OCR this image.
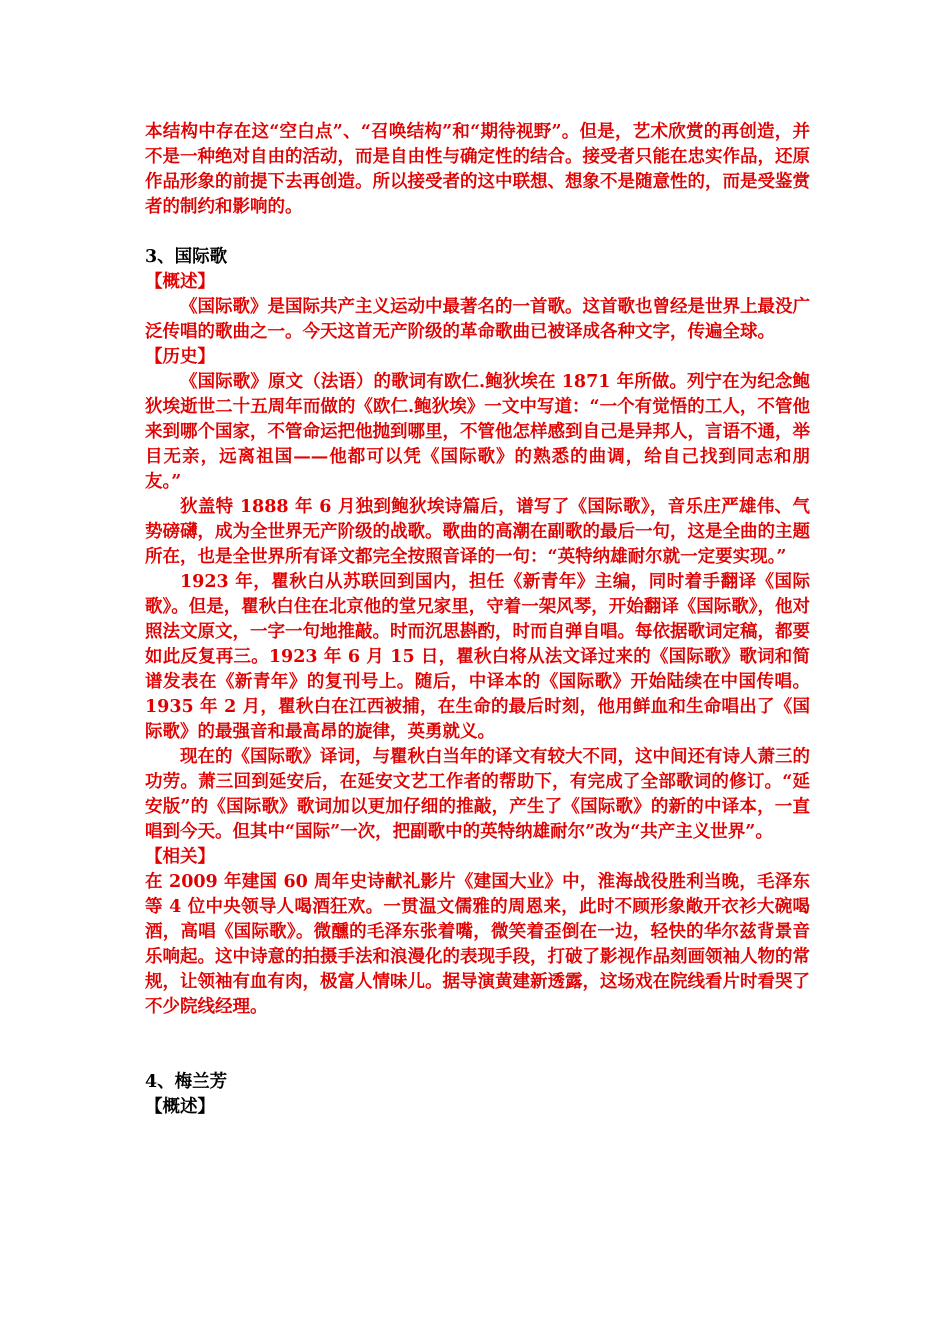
本结构中存在这“空白点”、“召唤结构”和“期待视野”。但是，艺术欣赏的再创造，并不是一种绝对自由的活动，而是自由性与确定性的结合。接受者只能在忠实作品，还原作品形象的前提下去再创造。所以接受者的这中联想、想象不是随意性的，而是受鉴赏者的制约和影响的。

3、国际歌
【概述】

《国际歌》是国际共产主义运动中最著名的一首歌。这首歌也曾经是世界上最没广泛传唱的歌曲之一。今天这首无产阶级的革命歌曲已被译成各种文字，传遍全球。

【历史】

《国际歌》原文（法语）的歌词有欧仁.鲍狄埃在 1871 年所做。列宁在为纪念鲍狄埃逝世二十五周年而做的《欧仁.鲍狄埃》一文中写道：“一个有觉悟的工人，不管他来到哪个国家，不管命运把他抛到哪里，不管他怎样感到自己是异邦人，言语不通，举目无亲，远离祖国——他都可以凭《国际歌》的熟悉的曲调，给自己找到同志和朋友。”

狄盖特 1888 年 6 月独到鲍狄埃诗篇后，谱写了《国际歌》，音乐庄严雄伟、气势磅礴，成为全世界无产阶级的战歌。歌曲的高潮在副歌的最后一句，这是全曲的主题所在，也是全世界所有译文都完全按照音译的一句：“英特纳雄耐尔就一定要实现。”

1923 年，瞿秋白从苏联回到国内，担任《新青年》主编，同时着手翻译《国际歌》。但是，瞿秋白住在北京他的堂兄家里，守着一架风琴，开始翻译《国际歌》，他对照法文原文，一字一句地推敲。时而沉思斟酌，时而自弹自唱。每依据歌词定稿，都要如此反复再三。1923 年 6 月 15 日，瞿秋白将从法文译过来的《国际歌》歌词和简谱发表在《新青年》的复刊号上。随后，中译本的《国际歌》开始陆续在中国传唱。1935 年 2 月，瞿秋白在江西被捕，在生命的最后时刻，他用鲜血和生命唱出了《国际歌》的最强音和最高昂的旋律，英勇就义。

现在的《国际歌》译词，与瞿秋白当年的译文有较大不同，这中间还有诗人萧三的功劳。萧三回到延安后，在延安文艺工作者的帮助下，有完成了全部歌词的修订。“延安版”的《国际歌》歌词加以更加仔细的推敲，产生了《国际歌》的新的中译本，一直唱到今天。但其中“国际”一次，把副歌中的英特纳雄耐尔”改为“共产主义世界”。

【相关】

在 2009 年建国 60 周年史诗献礼影片《建国大业》中，淮海战役胜利当晚，毛泽东等 4 位中央领导人喝酒狂欢。一贯温文儒雅的周恩来，此时不顾形象敞开衣衫大碗喝酒，高唱《国际歌》。微醺的毛泽东张着嘴，微笑着歪倒在一边，轻快的华尔兹背景音乐响起。这中诗意的拍摄手法和浪漫化的表现手段，打破了影视作品刻画领袖人物的常规，让领袖有血有肉，极富人情味儿。据导演黄建新透露，这场戏在院线看片时看哭了不少院线经理。

4、梅兰芳
【概述】
